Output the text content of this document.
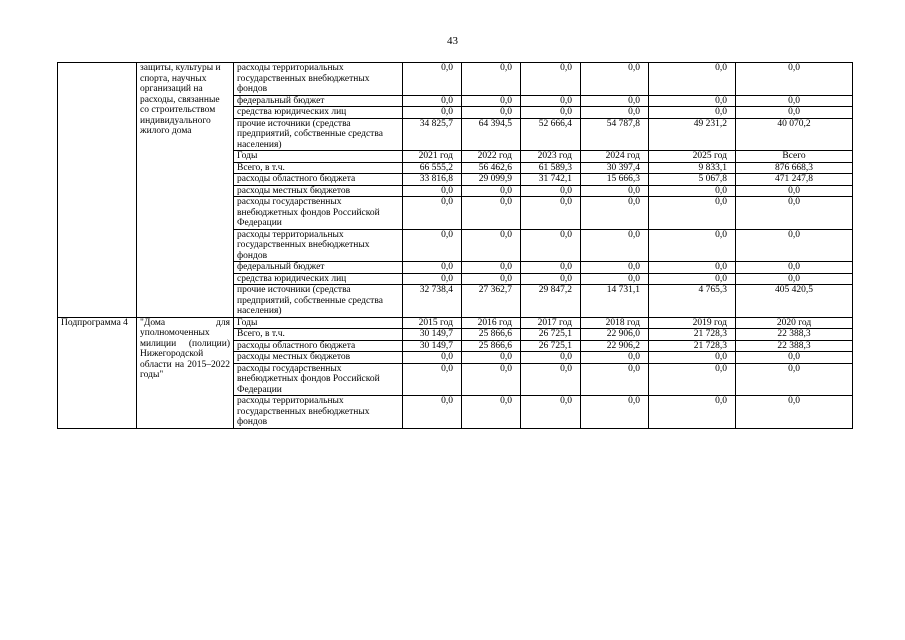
43
	защиты, культуры и спорта, научных организаций на расходы, связанные со строительством индивидуального жилого дома	расходы территориальных государственных внебюджетных фондов	0,0	0,0	0,0	0,0	0,0	0,0
		федеральный бюджет	0,0	0,0	0,0	0,0	0,0	0,0
		средства юридических лиц	0,0	0,0	0,0	0,0	0,0	0,0
		прочие источники (средства предприятий, собственные средства населения)	34 825,7	64 394,5	52 666,4	54 787,8	49 231,2	40 070,2
		Годы	2021 год	2022 год	2023 год	2024 год	2025 год	Всего
		Всего, в т.ч.	66 555,2	56 462,6	61 589,3	30 397,4	9 833,1	876 668,3
		расходы областного бюджета	33 816,8	29 099,9	31 742,1	15 666,3	5 067,8	471 247,8
		расходы местных бюджетов	0,0	0,0	0,0	0,0	0,0	0,0
		расходы государственных внебюджетных фондов Российской Федерации	0,0	0,0	0,0	0,0	0,0	0,0
		расходы территориальных государственных внебюджетных фондов	0,0	0,0	0,0	0,0	0,0	0,0
		федеральный бюджет	0,0	0,0	0,0	0,0	0,0	0,0
		средства юридических лиц	0,0	0,0	0,0	0,0	0,0	0,0
		прочие источники (средства предприятий, собственные средства населения)	32 738,4	27 362,7	29 847,2	14 731,1	4 765,3	405 420,5
Подпрограмма 4	"Дома для уполномоченных милиции (полиции) Нижегородской области на 2015–2022 годы"	Годы	2015 год	2016 год	2017 год	2018 год	2019 год	2020 год
		Всего, в т.ч.	30 149,7	25 866,6	26 725,1	22 906,0	21 728,3	22 388,3
		расходы областного бюджета	30 149,7	25 866,6	26 725,1	22 906,2	21 728,3	22 388,3
		расходы местных бюджетов	0,0	0,0	0,0	0,0	0,0	0,0
		расходы государственных внебюджетных фондов Российской Федерации	0,0	0,0	0,0	0,0	0,0	0,0
		расходы территориальных государственных внебюджетных фондов	0,0	0,0	0,0	0,0	0,0	0,0
